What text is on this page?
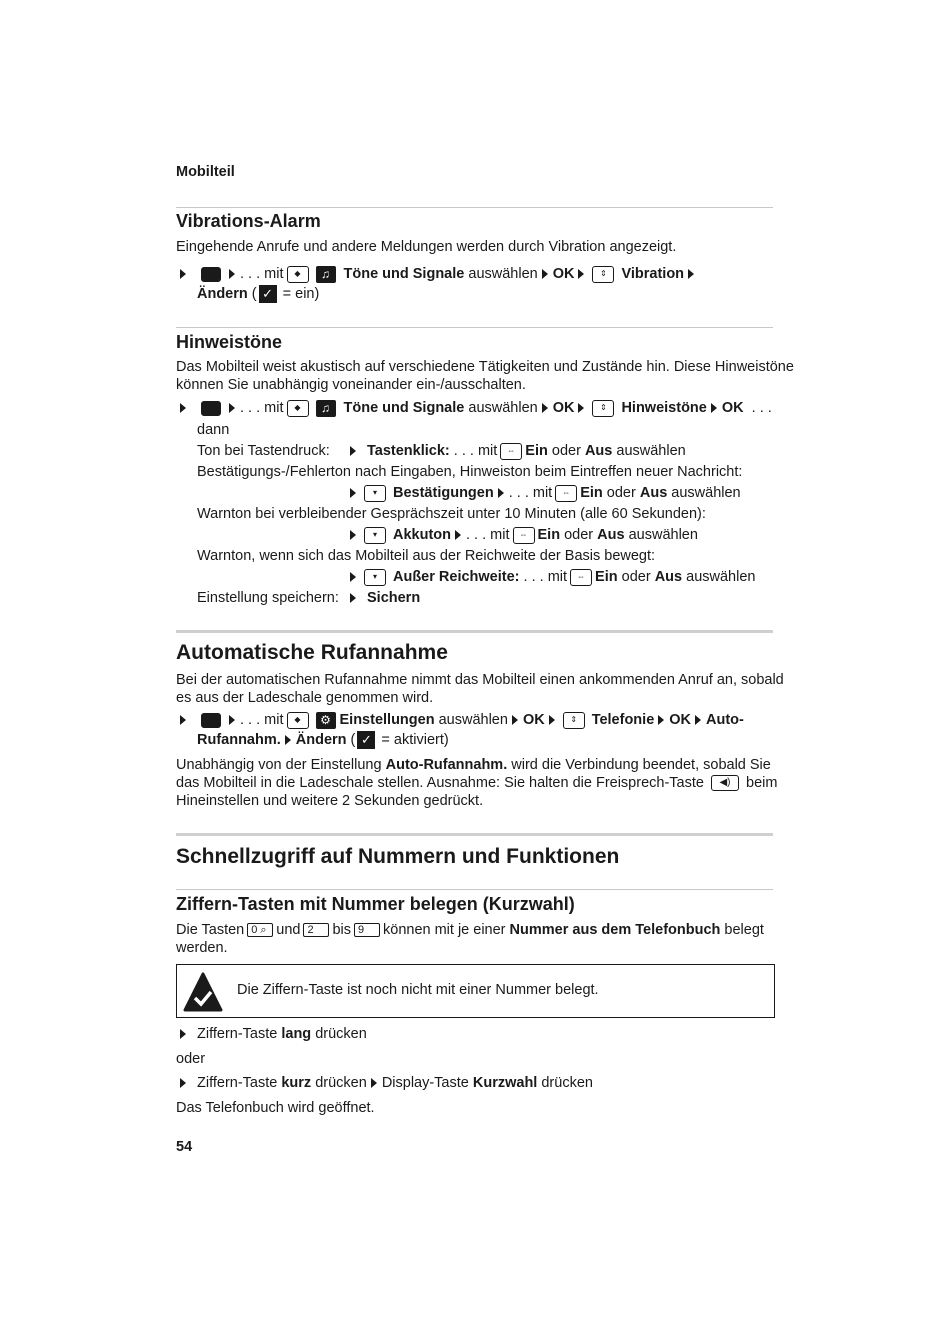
Mobilteil
Vibrations-Alarm
Eingehende Anrufe und andere Meldungen werden durch Vibration angezeigt.
. . . mit	◆	♫ Töne und Signale
auswählen OK	⇕	Vibration
Ändern ( ✓
= ein)
Hinweistöne
Das Mobilteil weist akustisch auf verschiedene Tätigkeiten und Zustände hin. Diese Hinweistöne
können Sie unabhängig voneinander ein-/ausschalten.
. . . mit	◆	♫ Töne und Signale
auswählen OK	⇕	Hinweistöne OK
. . .
dann
Ton bei Tastendruck:	Tastenklick:
. . . mit	⇔ Ein
oder
Aus
auswählen
Bestätigungs-/Fehlerton nach Eingaben, Hinweiston beim Eintreffen neuer Nachricht:
▾	Bestätigungen . . . mit	⇔ Ein
oder
Aus
auswählen
Warnton bei verbleibender Gesprächszeit unter 10 Minuten (alle 60 Sekunden):
▾	Akkuton . . . mit	⇔ Ein
oder
Aus
auswählen
Warnton, wenn sich das Mobilteil aus der Reichweite der Basis bewegt:
▾	Außer Reichweite:
. . . mit	⇔ Ein
oder
Aus
auswählen
Einstellung speichern: Sichern
Automatische Rufannahme
Bei der automatischen Rufannahme nimmt das Mobilteil einen ankommenden Anruf an, sobald
es aus der Ladeschale genommen wird.
. . . mit	◆	⚙ Einstellungen
auswählen OK	⇕	Telefonie OK Auto-
Rufannahm. Ändern ( ✓
= aktiviert)
Unabhängig von der Einstellung Auto-Rufannahm. wird die Verbindung beendet, sobald Sie
das Mobilteil in die Ladeschale stellen. Ausnahme: Sie halten die Freisprech-Taste ◀) beim
Hineinstellen und weitere 2 Sekunden gedrückt.
Schnellzugriff auf Nummern und Funktionen
Ziffern-Tasten mit Nummer belegen (Kurzwahl)
Die Tasten 0 ⌕ und 2 bis 9 können mit je einer Nummer aus dem Telefonbuch belegt
werden.
Die Ziffern-Taste ist noch nicht mit einer Nummer belegt.
Ziffern-Taste
lang
drücken
oder
Ziffern-Taste
kurz
drücken Display-Taste
Kurzwahl
drücken
Das Telefonbuch wird geöffnet.
54
